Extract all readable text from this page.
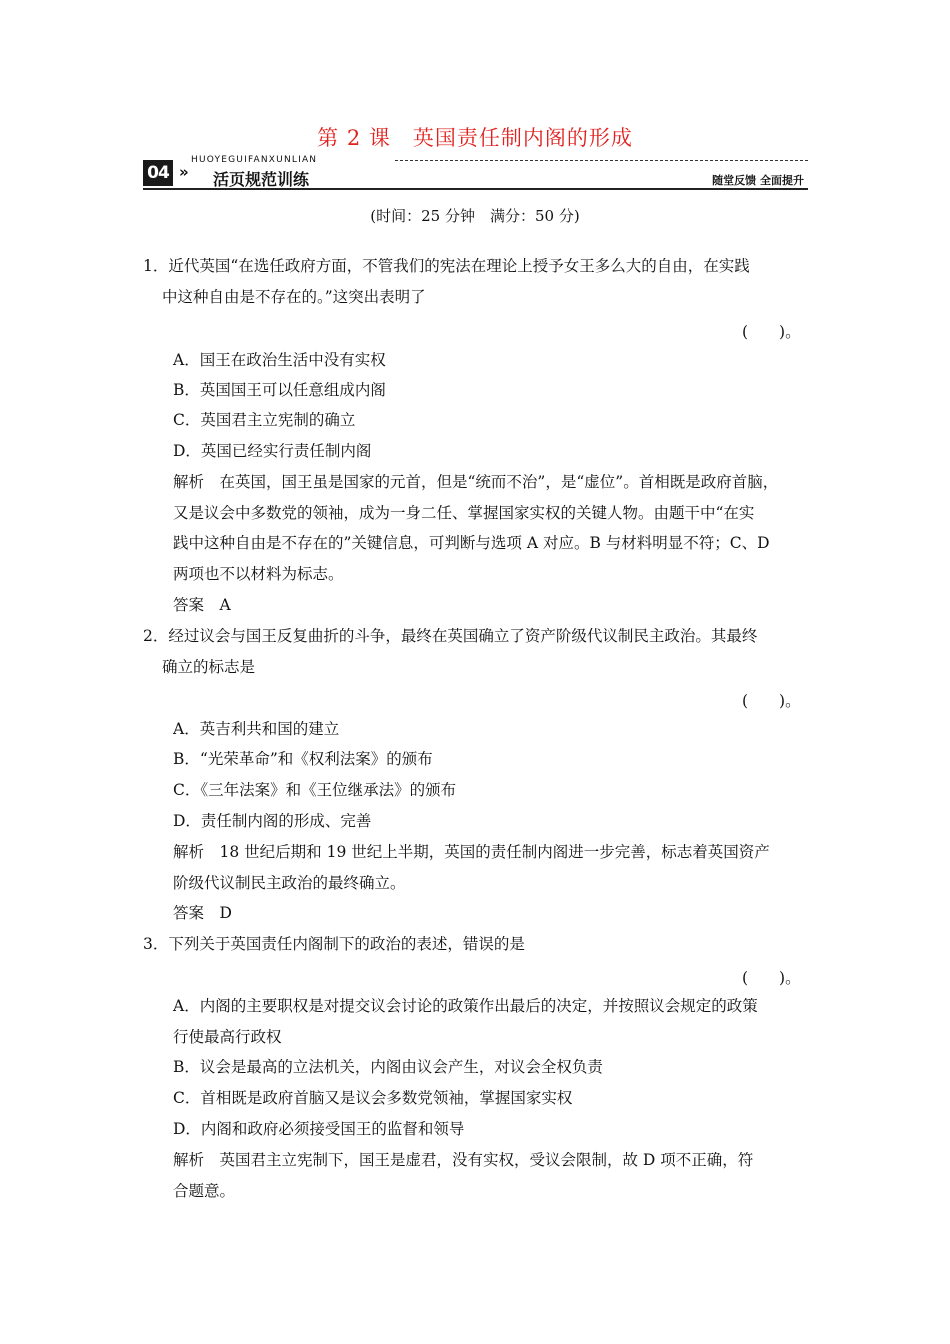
第 2 课　英国责任制内阁的形成
04 »
HUOYEGUIFANXUNLIAN
活页规范训练	随堂反馈 全面提升
(时间：25 分钟　满分：50 分)
1．近代英国“在选任政府方面，不管我们的宪法在理论上授予女王多么大的自由，在实践
中这种自由是不存在的。”这突出表明了
(　　)。
A．国王在政治生活中没有实权
B．英国国王可以任意组成内阁
C．英国君主立宪制的确立
D．英国已经实行责任制内阁
解析　在英国，国王虽是国家的元首，但是“统而不治”，是“虚位”。首相既是政府首脑，
又是议会中多数党的领袖，成为一身二任、掌握国家实权的关键人物。由题干中“在实
践中这种自由是不存在的”关键信息，可判断与选项 A 对应。B 与材料明显不符；C、D
两项也不以材料为标志。
答案　A
2．经过议会与国王反复曲折的斗争，最终在英国确立了资产阶级代议制民主政治。其最终
确立的标志是
(　　)。
A．英吉利共和国的建立
B．“光荣革命”和《权利法案》的颁布
C．《三年法案》和《王位继承法》的颁布
D．责任制内阁的形成、完善
解析　18 世纪后期和 19 世纪上半期，英国的责任制内阁进一步完善，标志着英国资产
阶级代议制民主政治的最终确立。
答案　D
3．下列关于英国责任内阁制下的政治的表述，错误的是
(　　)。
A．内阁的主要职权是对提交议会讨论的政策作出最后的决定，并按照议会规定的政策
行使最高行政权
B．议会是最高的立法机关，内阁由议会产生，对议会全权负责
C．首相既是政府首脑又是议会多数党领袖，掌握国家实权
D．内阁和政府必须接受国王的监督和领导
解析　英国君主立宪制下，国王是虚君，没有实权，受议会限制，故 D 项不正确，符
合题意。
